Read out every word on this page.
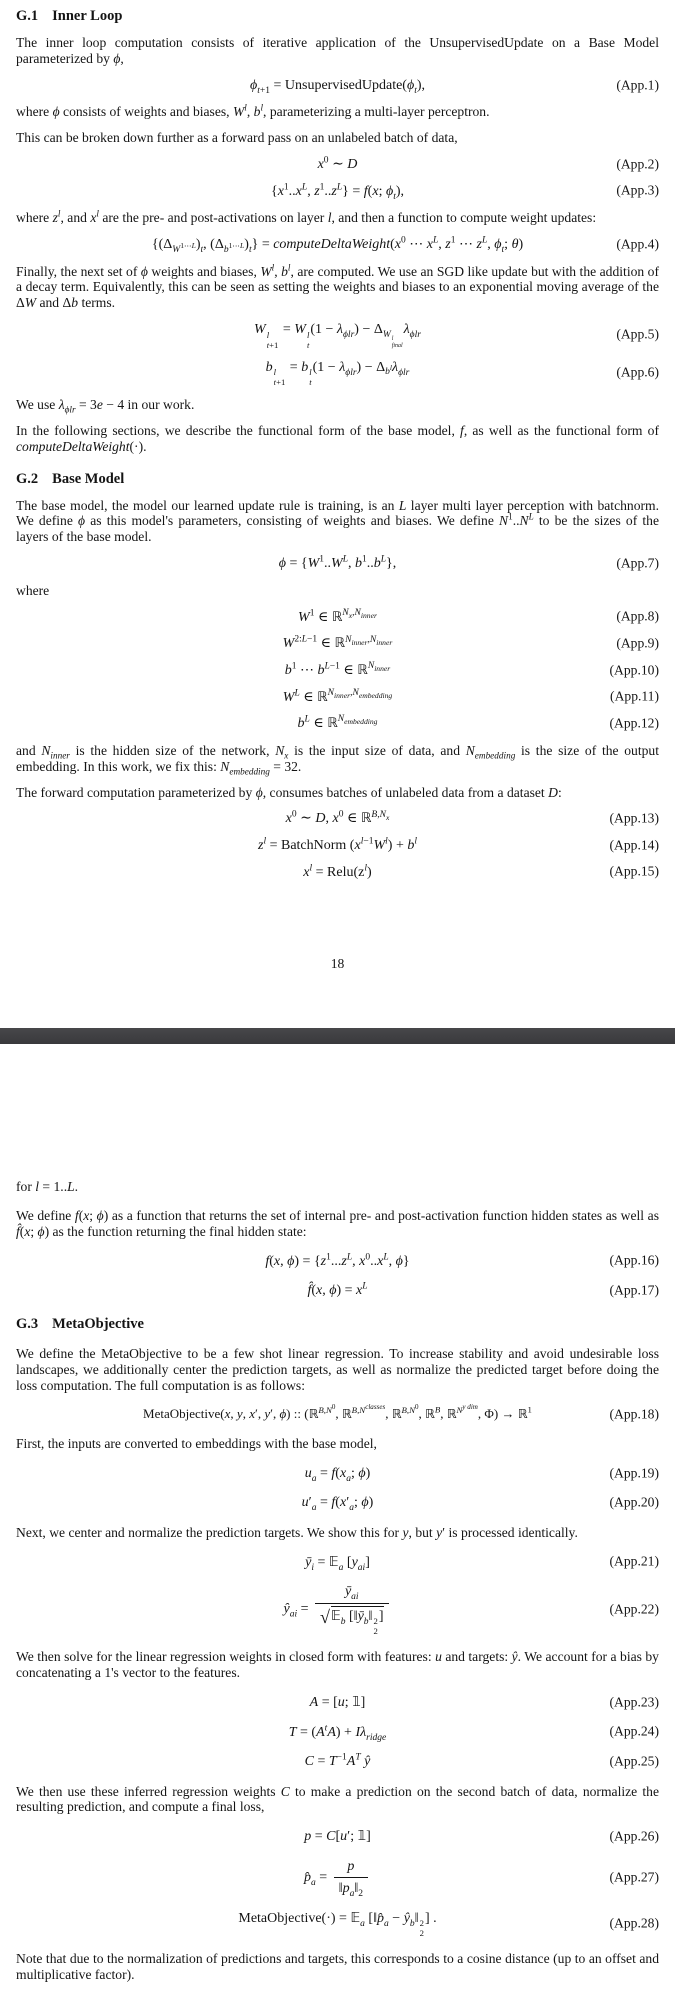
G.1 Inner Loop
The inner loop computation consists of iterative application of the UnsupervisedUpdate on a Base Model parameterized by ϕ,
$\phi_{t+1}$ = $UnsupervisedUpdate(\phi_t)$,	(App.1)
where ϕ consists of weights and biases, $W^l$, $b^l$, parameterizing a multi-layer perceptron.
This can be broken down further as a forward pass on an unlabeled batch of data,
$x^0$ ∼ D	(App.2)
{$x^1..x^L$, $z^1..z^L\} = f(x$; $\phi_t$),	(App.3)
where $z^l$, and $x^l$ are the pre- and post-activations on layer l, and then a function to compute weight updates:
{$(\Delta_{W^{1\cdots L}})_t$, $(\Delta_{b^{1\cdots L}})_t$} = $computeDeltaWeight(x^0$ ⋯ $x^L$, $z^1$ ⋯ $z^L$, $\phi_t$; θ)	(App.4)
Finally, the next set of ϕ weights and biases, $W^l$, $b^l$, are computed. We use an SGD like update but with the addition of a decay term. Equivalently, this can be seen as setting the weights and biases to an exponential moving average of the ΔW and Δb terms.
W l
t+1
= W l
t
$(1 - \lambda_{\phi lr}) - \Delta_{W l final}$
$\lambda_{\phi lr}$	(App.5)
b l
t+1
= b l
t
$(1 - \lambda_{\phi lr}) - \Delta_{b^l}\lambda_{\phi lr}$	(App.6)
We use $\lambda_{\phi lr} = 3e - 4$ in our work.
In the following sections, we describe the functional form of the base model, f, as well as the functional form of computeDeltaWeight(·).
G.2 Base Model
The base model, the model our learned update rule is training, is an L layer multi layer perception with batchnorm. We define ϕ as this model's parameters, consisting of weights and biases. We define $N^1..N^L$ to be the sizes of the layers of the base model.
$\phi = \{W^1..W^L$, $b^1..b^L$},	(App.7)
where
$W^1$ ∈ ℝ$^{N_x,N_{inner}}$	(App.8)
$W^{2:L-1}$ ∈ ℝ$^{N_{inner},N_{inner}}$	(App.9)
$b^1$ ⋯ $b^{L-1}$ ∈ ℝ$^{N_{inner}}$	(App.10)
$W^L$ ∈ ℝ$^{N_{inner},N_{embedding}}$	(App.11)
$b^L$ ∈ ℝ$^{N_{embedding}}$	(App.12)
and $N_{inner}$ is the hidden size of the network, $N_x$ is the input size of data, and $N_{embedding}$ is the size of the output embedding. In this work, we fix this: $N_{embedding} = 32$.
The forward computation parameterized by ϕ, consumes batches of unlabeled data from a dataset D:
$x^0$ ∼ D, $x^0$ ∈ ℝ$^{B,N_x}$	(App.13)
$z^l$ = BatchNorm $(x^{l-1}W^l) + b^l$	(App.14)
$x^l$ = $Relu(z^l)$	(App.15)
18
for l = 1..L.
We define f(x; ϕ) as a function that returns the set of internal pre- and post-activation function hidden states as well as f̂(x; ϕ) as the function returning the final hidden state:
f(x, $\phi) = \{z^1...z^L$, $x^0..x^L$, ϕ}	(App.16)
f̂(x, $\phi) = x^L$	(App.17)
G.3 MetaObjective
We define the MetaObjective to be a few shot linear regression. To increase stability and avoid undesirable loss landscapes, we additionally center the prediction targets, as well as normalize the predicted target before doing the loss computation. The full computation is as follows:
MetaObjective(x, y, x′, y′, ϕ) :: (ℝ$^{B,N^0}$, ℝ$^{B,N^{classes}}$, ℝ$^{B,N^0}$, ℝ$^B$, ℝ$^{N^{y dim}}$, Φ) → ℝ$^1$	(App.18)
First, the inputs are converted to embeddings with the base model,
$u_a = f(x_a$; ϕ)	(App.19)
$u'_a = f(x'_a$; ϕ)	(App.20)
Next, we center and normalize the prediction targets. We show this for y, but y′ is processed identically.
$ȳ_i$ = 𝔼$_a$ $[y_{ai}]$	(App.21)
$ŷ_{ai}$ = $ȳ_{ai}$
√𝔼$_b$ [$‖ȳ_b‖$ 2
2
]	(App.22)
We then solve for the linear regression weights in closed form with features: u and targets: ŷ. We account for a bias by concatenating a 1's vector to the features.
A = [u; 𝟙]	(App.23)
$T = (A^tA) + I\lambda_{ridge}$	(App.24)
$C = T^{-1}A^T$ ŷ	(App.25)
We then use these inferred regression weights C to make a prediction on the second batch of data, normalize the resulting prediction, and compute a final loss,
p = C[u′; 𝟙]	(App.26)
$p̂_a = \frac{p}{‖p_a‖_2}$	(App.27)
MetaObjective(·) = 𝔼$_a$ [$‖p̂_a$ − $ŷ_b‖$ 2
2
] .	(App.28)
Note that due to the normalization of predictions and targets, this corresponds to a cosine distance (up to an offset and multiplicative factor).
